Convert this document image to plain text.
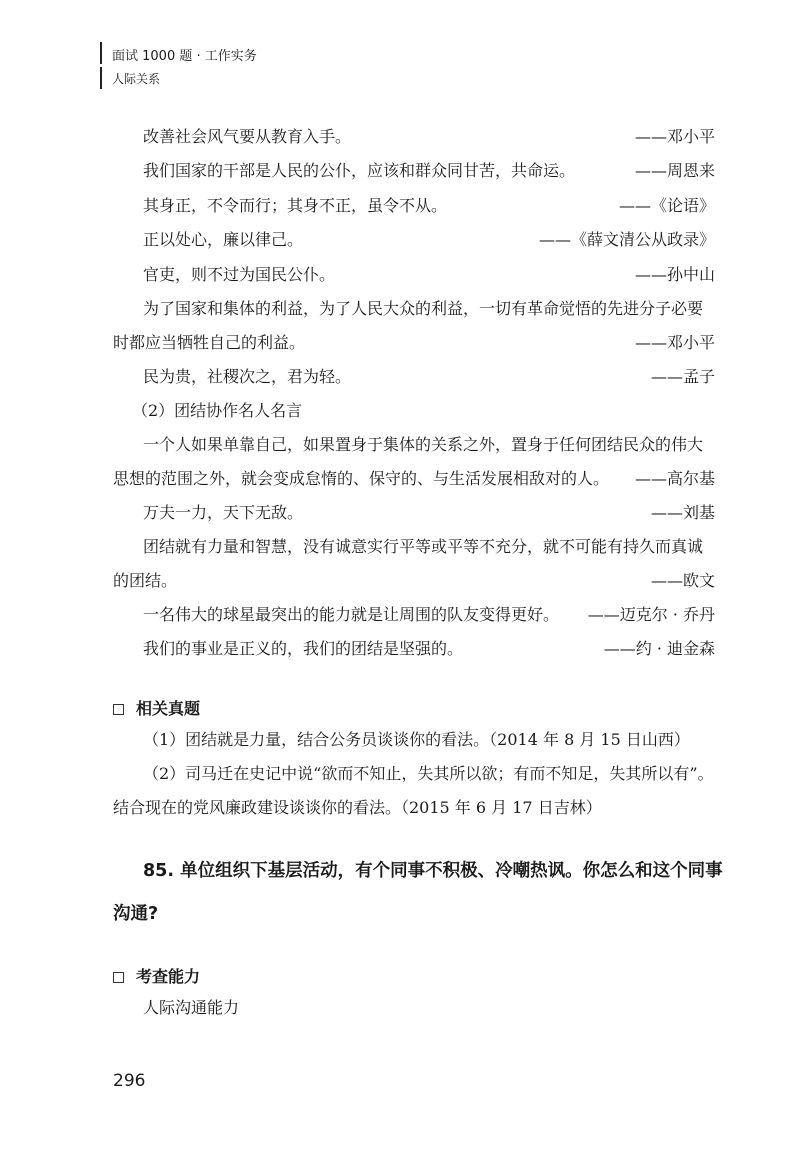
面试 1000 题 · 工作实务
人际关系
改善社会风气要从教育入手。	——邓小平
我们国家的干部是人民的公仆，应该和群众同甘苦，共命运。	——周恩来
其身正，不令而行；其身不正，虽令不从。	——《论语》
正以处心，廉以律己。	——《薛文清公从政录》
官吏，则不过为国民公仆。	——孙中山
为了国家和集体的利益，为了人民大众的利益，一切有革命觉悟的先进分子必要
时都应当牺牲自己的利益。	——邓小平
民为贵，社稷次之，君为轻。	——孟子
（2）团结协作名人名言
一个人如果单靠自己，如果置身于集体的关系之外，置身于任何团结民众的伟大
思想的范围之外，就会变成怠惰的、保守的、与生活发展相敌对的人。 ——高尔基
万夫一力，天下无敌。	——刘基
团结就有力量和智慧，没有诚意实行平等或平等不充分，就不可能有持久而真诚
的团结。	——欧文
一名伟大的球星最突出的能力就是让周围的队友变得更好。 ——迈克尔 · 乔丹
我们的事业是正义的，我们的团结是坚强的。	——约 · 迪金森
相关真题
（1）团结就是力量，结合公务员谈谈你的看法。（2014 年 8 月 15 日山西）
（2）司马迁在史记中说“欲而不知止，失其所以欲；有而不知足，失其所以有”。
结合现在的党风廉政建设谈谈你的看法。（2015 年 6 月 17 日吉林）
85. 单位组织下基层活动，有个同事不积极、冷嘲热讽。你怎么和这个同事
沟通?
考查能力
人际沟通能力
296
